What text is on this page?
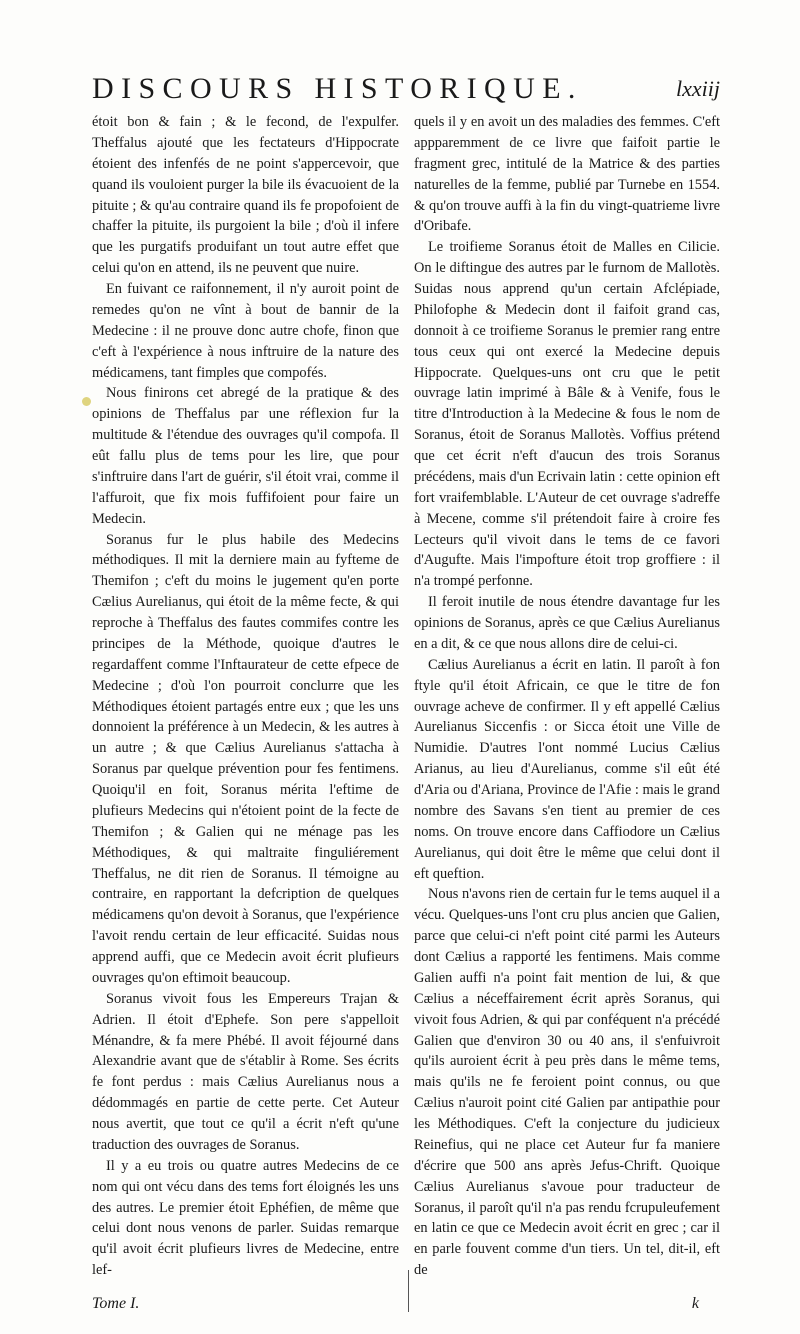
DISCOURS HISTORIQUE.	lxxiij

étoit bon & fain ; & le fecond, de l'expulfer. Theffalus ajouté que les fectateurs d'Hippocrate étoient des infenfés de ne point s'appercevoir, que quand ils vouloient purger la bile ils évacuoient de la pituite ; & qu'au contraire quand ils fe propofoient de chaffer la pituite, ils purgoient la bile ; d'où il infere que les purgatifs produifant un tout autre effet que celui qu'on en attend, ils ne peuvent que nuire.

En fuivant ce raifonnement, il n'y auroit point de remedes qu'on ne vînt à bout de bannir de la Medecine : il ne prouve donc autre chofe, finon que c'eft à l'expérience à nous inftruire de la nature des médicamens, tant fimples que compofés.

Nous finirons cet abregé de la pratique & des opinions de Theffalus par une réflexion fur la multitude & l'étendue des ouvrages qu'il compofa. Il eût fallu plus de tems pour les lire, que pour s'inftruire dans l'art de guérir, s'il étoit vrai, comme il l'affuroit, que fix mois fuffifoient pour faire un Medecin.

Soranus fur le plus habile des Medecins méthodiques. Il mit la derniere main au fyfteme de Themifon ; c'eft du moins le jugement qu'en porte Cælius Aurelianus, qui étoit de la même fecte, & qui reproche à Theffalus des fautes commifes contre les principes de la Méthode, quoique d'autres le regardaffent comme l'Inftaurateur de cette efpece de Medecine ; d'où l'on pourroit conclurre que les Méthodiques étoient partagés entre eux ; que les uns donnoient la préférence à un Medecin, & les autres à un autre ; & que Cælius Aurelianus s'attacha à Soranus par quelque prévention pour fes fentimens. Quoiqu'il en foit, Soranus mérita l'eftime de plufieurs Medecins qui n'étoient point de la fecte de Themifon ; & Galien qui ne ménage pas les Méthodiques, & qui maltraite finguliérement Theffalus, ne dit rien de Soranus. Il témoigne au contraire, en rapportant la defcription de quelques médicamens qu'on devoit à Soranus, que l'expérience l'avoit rendu certain de leur efficacité. Suidas nous apprend auffi, que ce Medecin avoit écrit plufieurs ouvrages qu'on eftimoit beaucoup.

Soranus vivoit fous les Empereurs Trajan & Adrien. Il étoit d'Ephefe. Son pere s'appelloit Ménandre, & fa mere Phébé. Il avoit féjourné dans Alexandrie avant que de s'établir à Rome. Ses écrits fe font perdus : mais Cælius Aurelianus nous a dédommagés en partie de cette perte. Cet Auteur nous avertit, que tout ce qu'il a écrit n'eft qu'une traduction des ouvrages de Soranus.

Il y a eu trois ou quatre autres Medecins de ce nom qui ont vécu dans des tems fort éloignés les uns des autres. Le premier étoit Ephéfien, de même que celui dont nous venons de parler. Suidas remarque qu'il avoit écrit plufieurs livres de Medecine, entre lef-

quels il y en avoit un des maladies des femmes. C'eft appparemment de ce livre que faifoit partie le fragment grec, intitulé de la Matrice & des parties naturelles de la femme, publié par Turnebe en 1554. & qu'on trouve auffi à la fin du vingt-quatrieme livre d'Oribafe.

Le troifieme Soranus étoit de Malles en Cilicie. On le diftingue des autres par le furnom de Mallotès. Suidas nous apprend qu'un certain Afclépiade, Philofophe & Medecin dont il faifoit grand cas, donnoit à ce troifieme Soranus le premier rang entre tous ceux qui ont exercé la Medecine depuis Hippocrate. Quelques-uns ont cru que le petit ouvrage latin imprimé à Bâle & à Venife, fous le titre d'Introduction à la Medecine & fous le nom de Soranus, étoit de Soranus Mallotès. Voffius prétend que cet écrit n'eft d'aucun des trois Soranus précédens, mais d'un Ecrivain latin : cette opinion eft fort vraifemblable. L'Auteur de cet ouvrage s'adreffe à Mecene, comme s'il prétendoit faire à croire fes Lecteurs qu'il vivoit dans le tems de ce favori d'Augufte. Mais l'impofture étoit trop groffiere : il n'a trompé perfonne.

Il feroit inutile de nous étendre davantage fur les opinions de Soranus, après ce que Cælius Aurelianus en a dit, & ce que nous allons dire de celui-ci.

Cælius Aurelianus a écrit en latin. Il paroît à fon ftyle qu'il étoit Africain, ce que le titre de fon ouvrage acheve de confirmer. Il y eft appellé Cælius Aurelianus Siccenfis : or Sicca étoit une Ville de Numidie. D'autres l'ont nommé Lucius Cælius Arianus, au lieu d'Aurelianus, comme s'il eût été d'Aria ou d'Ariana, Province de l'Afie : mais le grand nombre des Savans s'en tient au premier de ces noms. On trouve encore dans Caffiodore un Cælius Aurelianus, qui doit être le même que celui dont il eft queftion.

Nous n'avons rien de certain fur le tems auquel il a vécu. Quelques-uns l'ont cru plus ancien que Galien, parce que celui-ci n'eft point cité parmi les Auteurs dont Cælius a rapporté les fentimens. Mais comme Galien auffi n'a point fait mention de lui, & que Cælius a néceffairement écrit après Soranus, qui vivoit fous Adrien, & qui par conféquent n'a précédé Galien que d'environ 30 ou 40 ans, il s'enfuivroit qu'ils auroient écrit à peu près dans le même tems, mais qu'ils ne fe feroient point connus, ou que Cælius n'auroit point cité Galien par antipathie pour les Méthodiques. C'eft la conjecture du judicieux Reinefius, qui ne place cet Auteur fur fa maniere d'écrire que 500 ans après Jefus-Chrift. Quoique Cælius Aurelianus s'avoue pour traducteur de Soranus, il paroît qu'il n'a pas rendu fcrupuleufement en latin ce que ce Medecin avoit écrit en grec ; car il en parle fouvent comme d'un tiers. Un tel, dit-il, eft de

Tome I.	k
